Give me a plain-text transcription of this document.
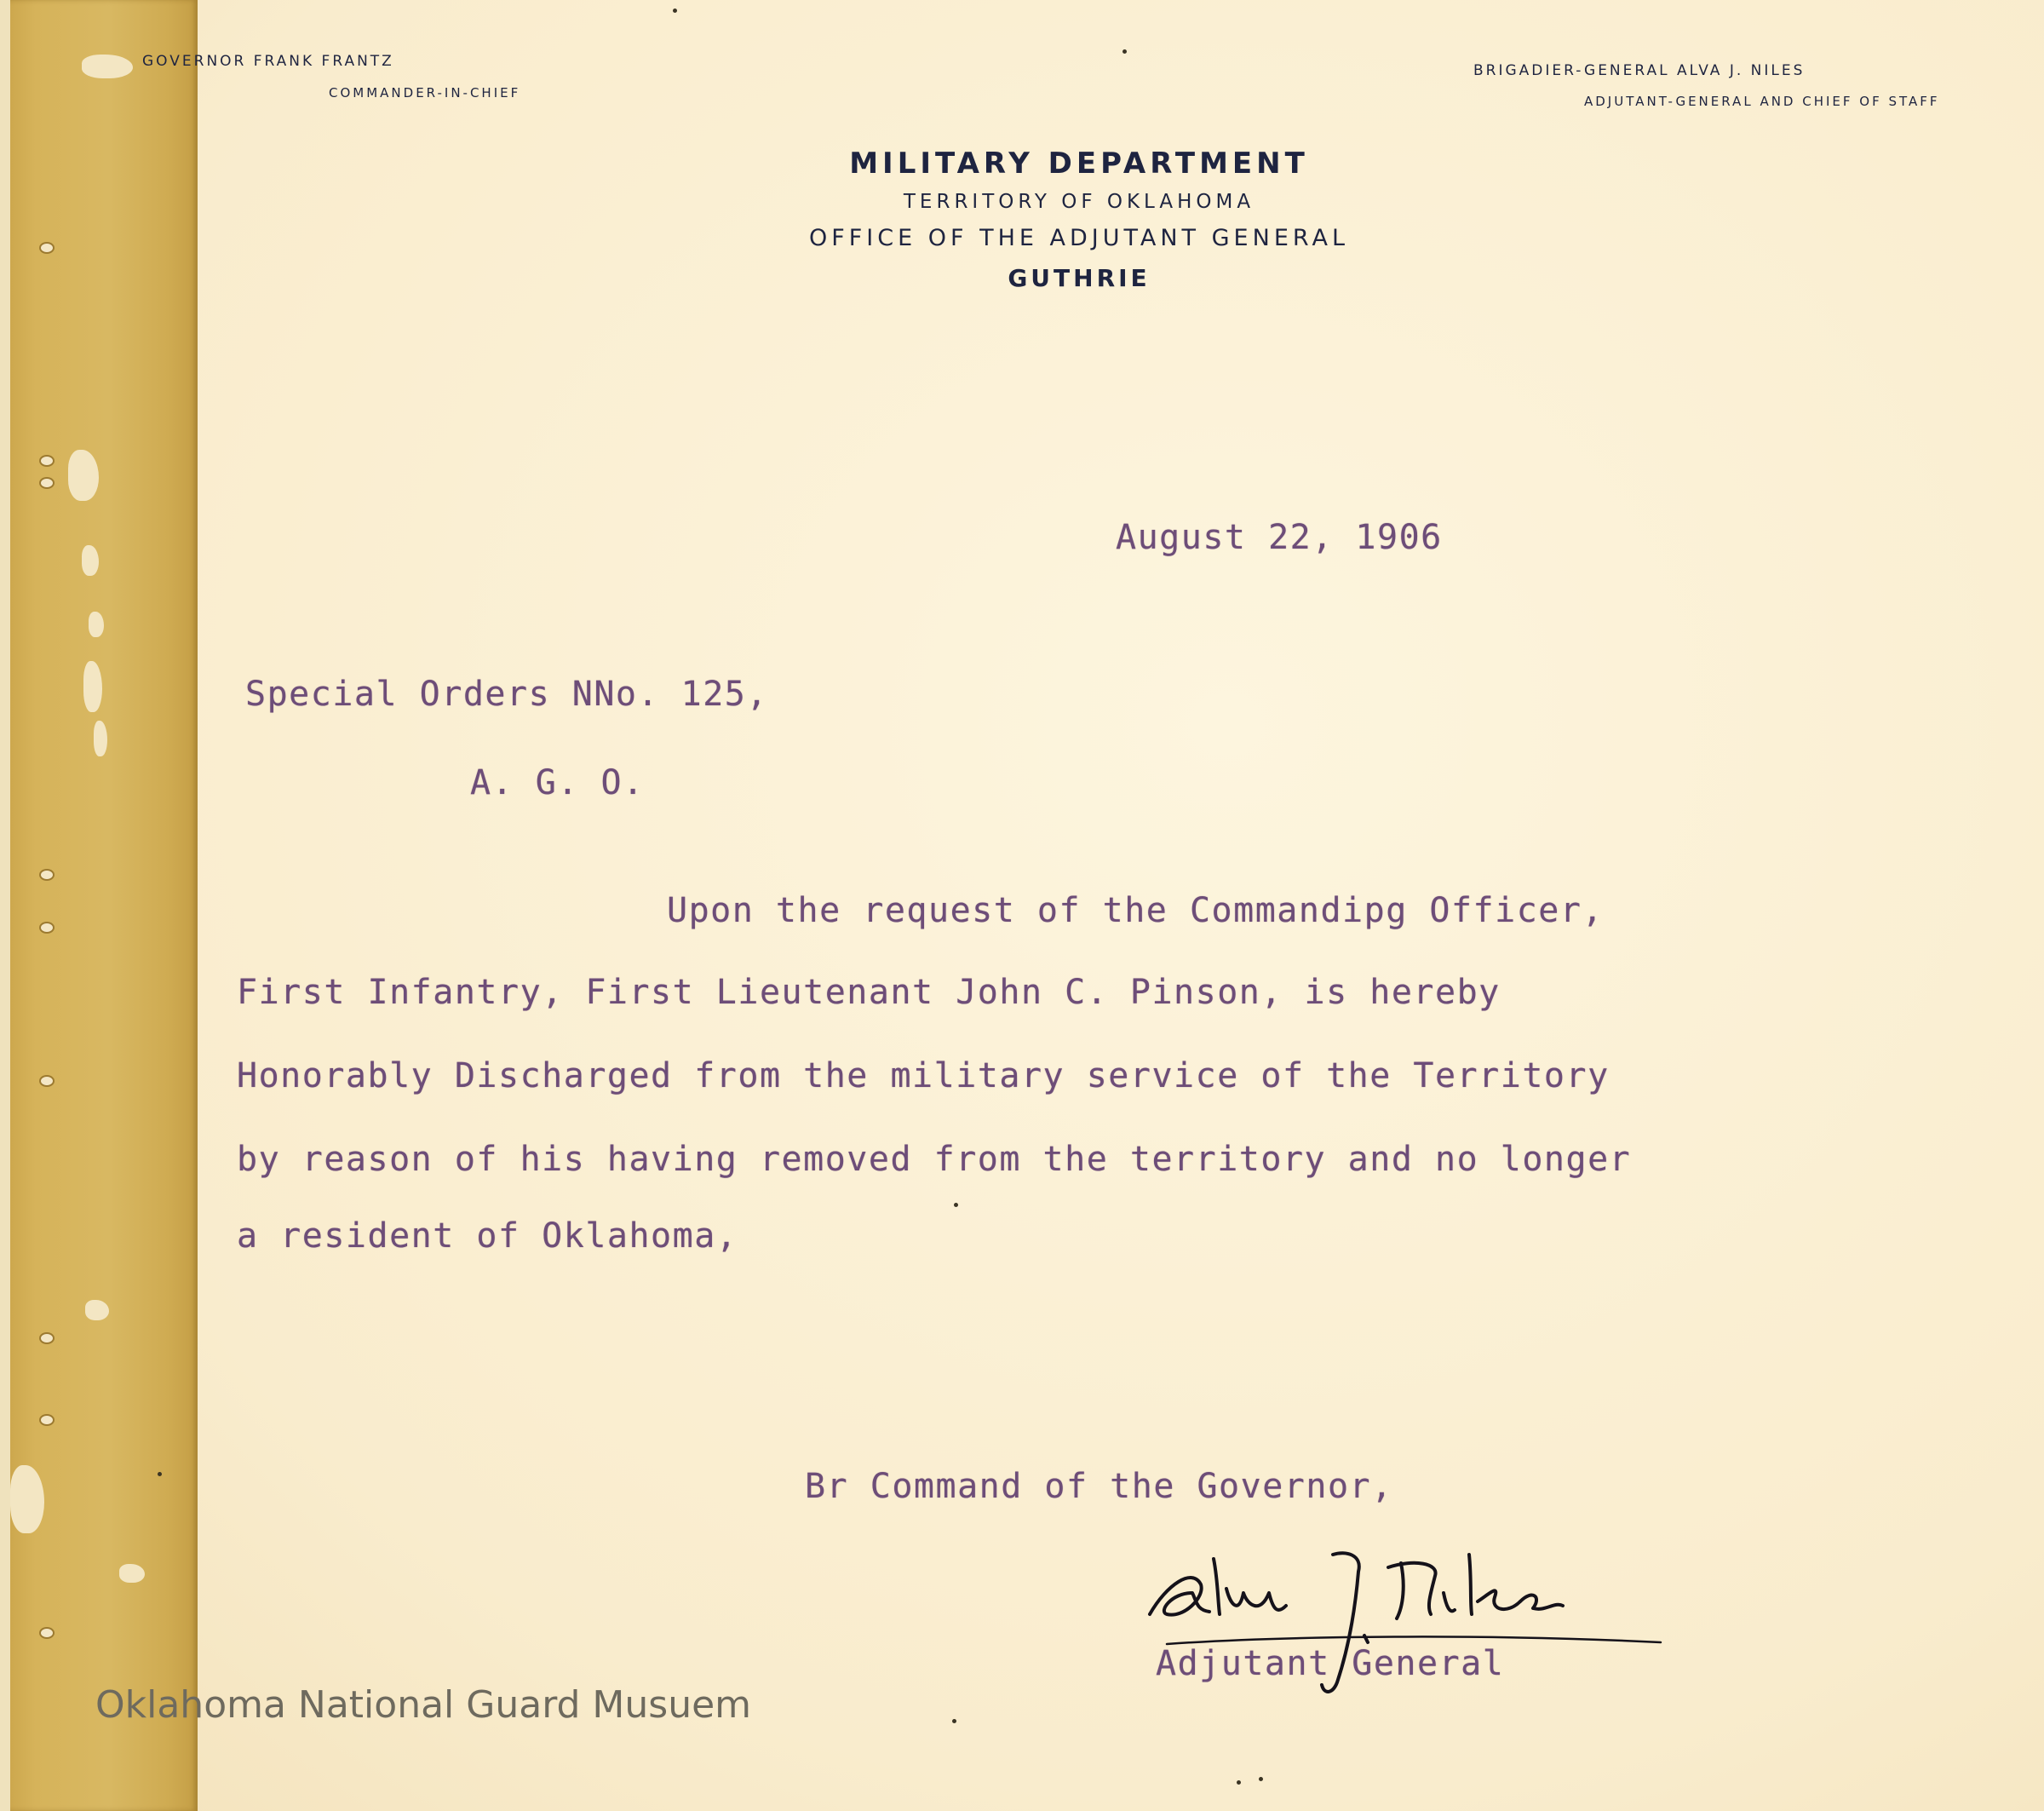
GOVERNOR FRANK FRANTZ
COMMANDER-IN-CHIEF
BRIGADIER-GENERAL ALVA J. NILES
ADJUTANT-GENERAL AND CHIEF OF STAFF
MILITARY DEPARTMENT
TERRITORY OF OKLAHOMA
OFFICE OF THE ADJUTANT GENERAL
GUTHRIE
August 22, 1906
Special Orders NNo. 125,
A. G. O.
Upon the request of the Commandipg Officer,
First Infantry, First Lieutenant John C. Pinson, is hereby
Honorably Discharged from the military service of the Territory
by reason of his having removed from the territory and no longer
a resident of Oklahoma,
Br Command of the Governor,
Adjutant General
Oklahoma National Guard Musuem
